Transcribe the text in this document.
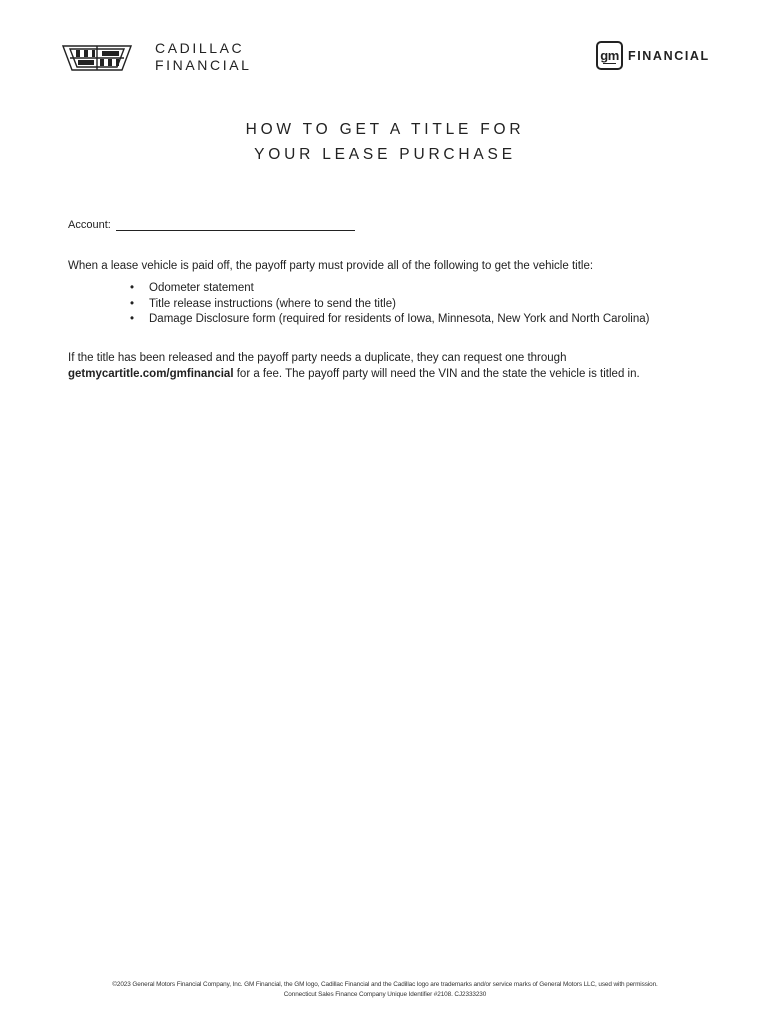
CADILLAC
FINANCIAL
gm FINANCIAL
HOW TO GET A TITLE FOR
YOUR LEASE PURCHASE
Account:
When a lease vehicle is paid off, the payoff party must provide all of the following to get the vehicle title:
• Odometer statement
• Title release instructions (where to send the title)
• Damage Disclosure form (required for residents of Iowa, Minnesota, New York and North Carolina)
If the title has been released and the payoff party needs a duplicate, they can request one through getmycartitle.com/gmfinancial for a fee. The payoff party will need the VIN and the state the vehicle is titled in.
©2023 General Motors Financial Company, Inc. GM Financial, the GM logo, Cadillac Financial and the Cadillac logo are trademarks and/or service marks of General Motors LLC, used with permission.
Connecticut Sales Finance Company Unique Identifier #2108. CJ2333230
